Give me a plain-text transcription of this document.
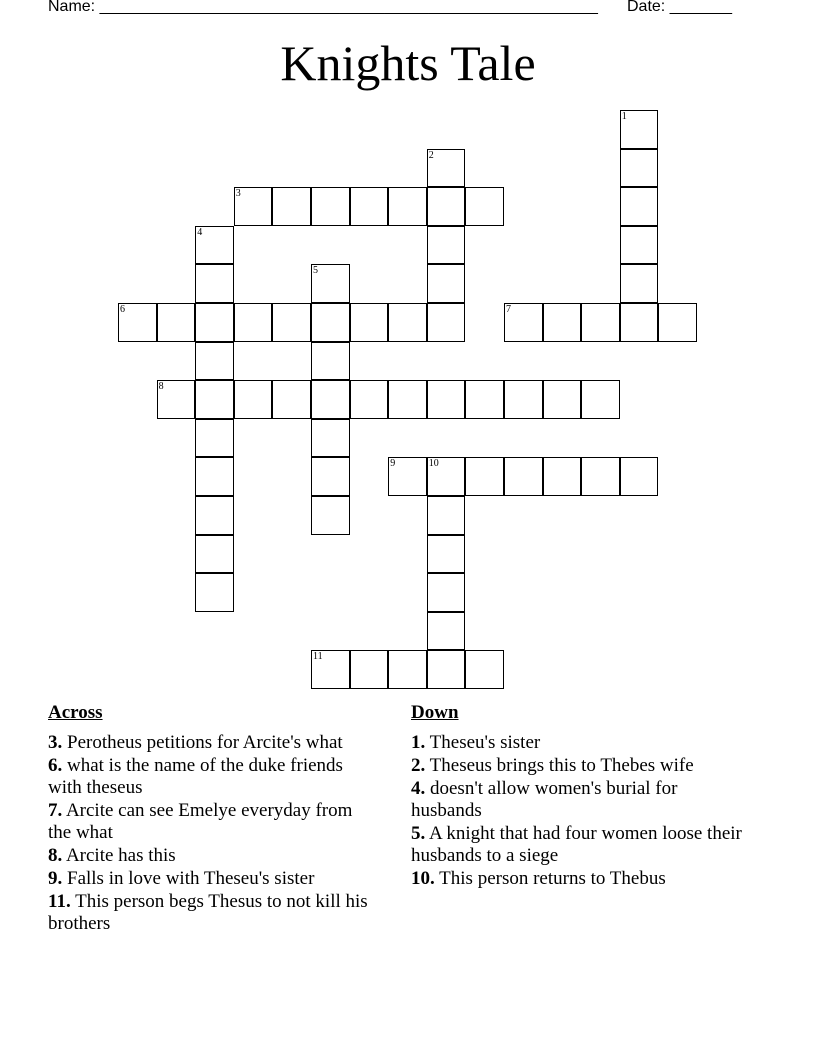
Name: ________________________________________________________ Date: _______
Knights Tale
1
2
3
4
5
6	7
8
9	10
11
Across
3. Perotheus petitions for Arcite's what
6. what is the name of the duke friends with theseus
7. Arcite can see Emelye everyday from the what
8. Arcite has this
9. Falls in love with Theseu's sister
11. This person begs Thesus to not kill his brothers
Down
1. Theseu's sister
2. Theseus brings this to Thebes wife
4. doesn't allow women's burial for husbands
5. A knight that had four women loose their husbands to a siege
10. This person returns to Thebus
